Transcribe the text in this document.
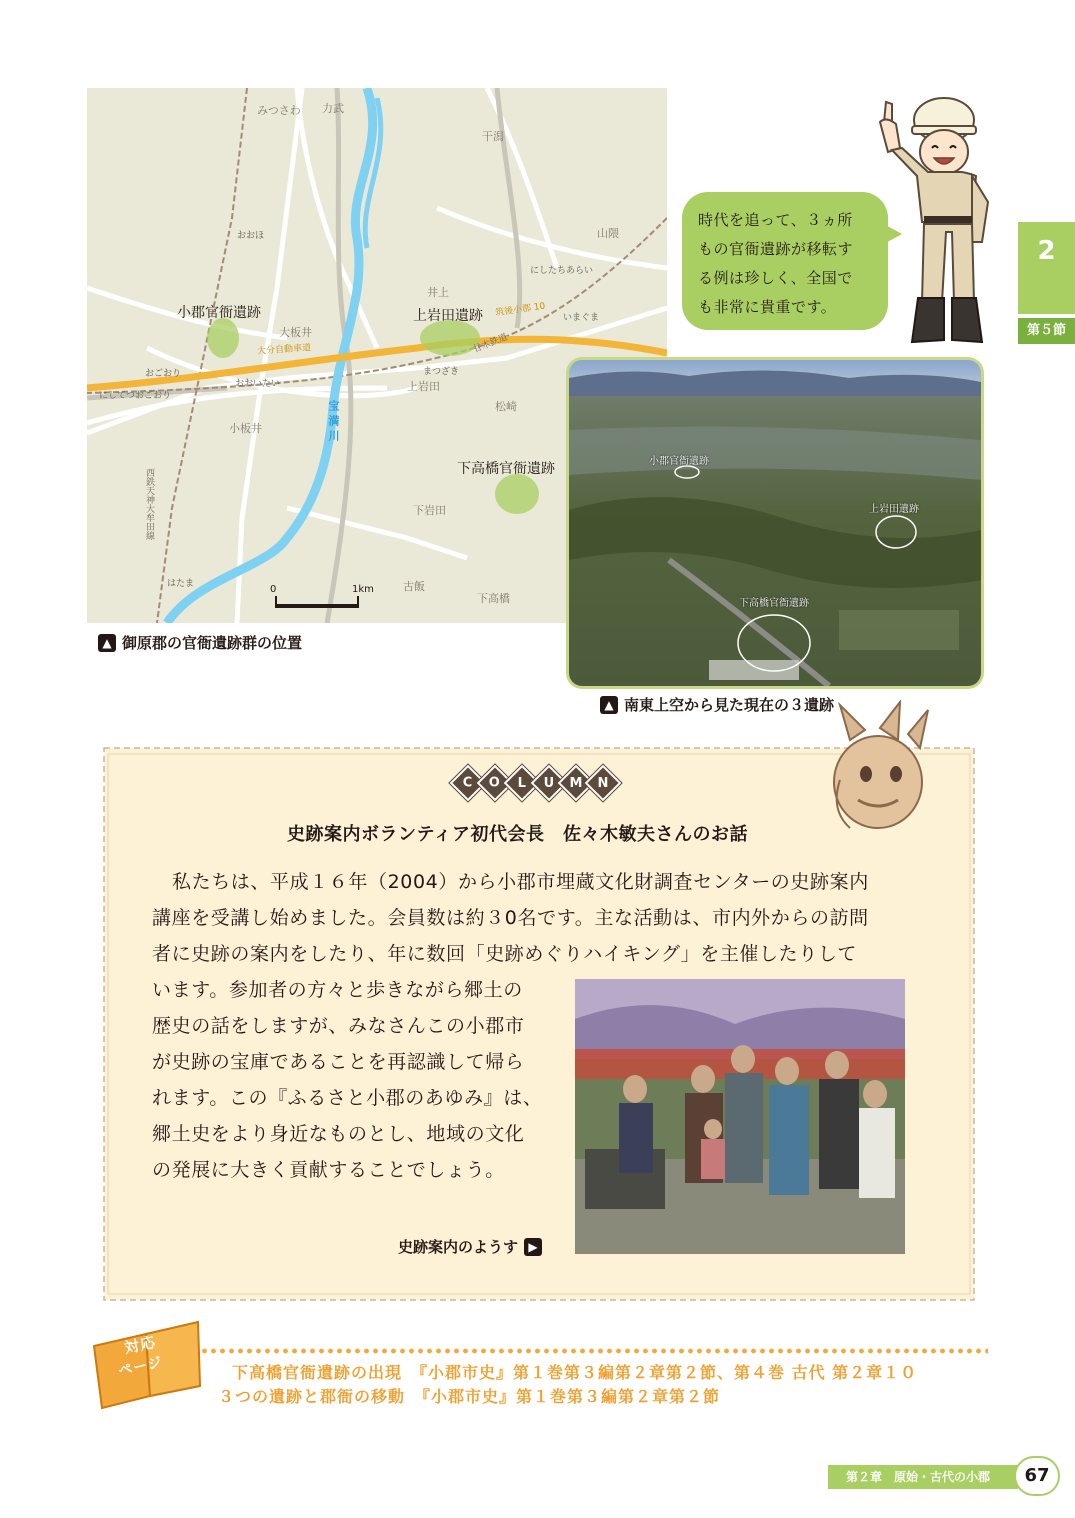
みつさわ 力武
干潟
おおほ	山隈
にしたちあらい
井上
小郡官衙遺跡	上岩田遺跡 筑後小郡 10 いまぐま
大板井
大分自動車道	甘木鉄道
おごおり
おおいたい
まつざき
にしてつおごおり
上岩田
松崎
宝満川
小板井
下高橋官衙遺跡
西鉄天神大牟田線	下岩田
はたま	古飯
下高橋
0	1km
▲ 御原郡の官衙遺跡群の位置
時代を追って、３ヵ所
もの官衙遺跡が移転す
る例は珍しく、全国で
も非常に貴重です。
2
第５節
小郡官衙遺跡
上岩田遺跡
下高橋官衙遺跡
▲ 南東上空から見た現在の３遺跡
C O L U M N
史跡案内ボランティア初代会長　佐々木敏夫さんのお話

私たちは、平成１６年（2004）から小郡市埋蔵文化財調査センターの史跡案内

講座を受講し始めました。会員数は約３0名です。主な活動は、市内外からの訪問

者に史跡の案内をしたり、年に数回「史跡めぐりハイキング」を主催したりして

います。参加者の方々と歩きながら郷土の

歴史の話をしますが、みなさんこの小郡市

が史跡の宝庫であることを再認識して帰ら

れます。この『ふるさと小郡のあゆみ』は、

郷土史をより身近なものとし、地域の文化

の発展に大きく貢献することでしょう。

史跡案内のようす ▶
対応
ページ	下高橋官衙遺跡の出現　『小郡市史』第１巻第３編第２章第２節、第４巻 古代 第２章１０
３つの遺跡と郡衙の移動　『小郡市史』第１巻第３編第２章第２節
第２章　原始・古代の小郡	67
